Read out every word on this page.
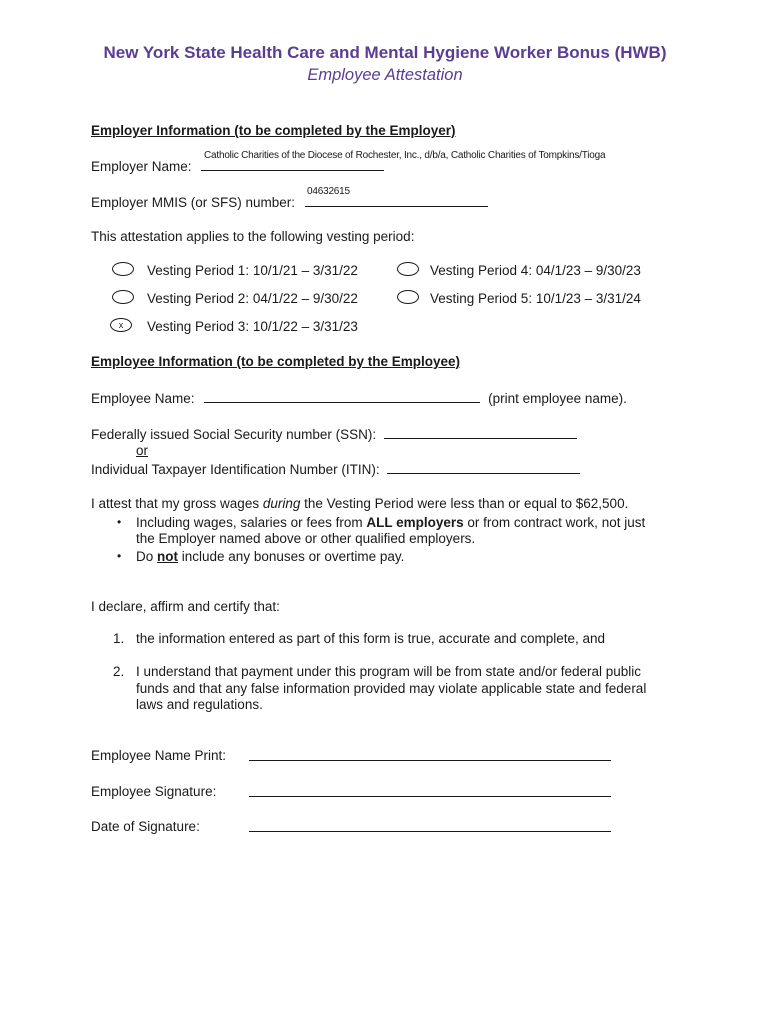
New York State Health Care and Mental Hygiene Worker Bonus (HWB)
Employee Attestation
Employer Information (to be completed by the Employer)
Catholic Charities of the Diocese of Rochester, Inc., d/b/a, Catholic Charities of Tompkins/Tioga
Employer Name:
04632615
Employer MMIS (or SFS) number:
This attestation applies to the following vesting period:
Vesting Period 1: 10/1/21 – 3/31/22
Vesting Period 2: 04/1/22 – 9/30/22
x	Vesting Period 3: 10/1/22 – 3/31/23
Vesting Period 4: 04/1/23 – 9/30/23
Vesting Period 5: 10/1/23 – 3/31/24
Employee Information (to be completed by the Employee)
Employee Name:	(print employee name).
Federally issued Social Security number (SSN):
or
Individual Taxpayer Identification Number (ITIN):
I attest that my gross wages during the Vesting Period were less than or equal to $62,500.
• Including wages, salaries or fees from ALL employers or from contract work, not just
the Employer named above or other qualified employers.
• Do not include any bonuses or overtime pay.
I declare, affirm and certify that:
1. the information entered as part of this form is true, accurate and complete, and
2. I understand that payment under this program will be from state and/or federal public
funds and that any false information provided may violate applicable state and federal
laws and regulations.
Employee Name Print:
Employee Signature:
Date of Signature:
